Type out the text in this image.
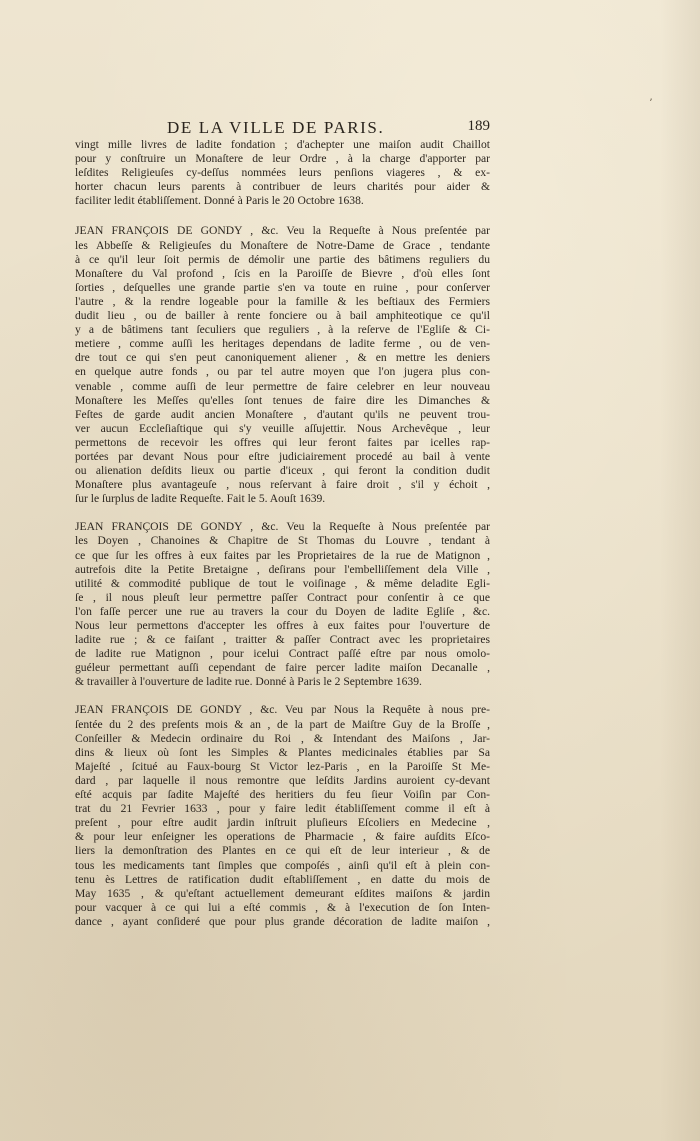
DE LA VILLE DE PARIS.	189
vingt mille livres de ladite fondation ; d'achepter une maiſon audit Chaillot
pour y conſtruire un Monaſtere de leur Ordre , à la charge d'apporter par
leſdites Religieuſes cy-deſſus nommées leurs penſions viageres , & ex-
horter chacun leurs parents à contribuer de leurs charités pour aider &
faciliter ledit établiſſement. Donné à Paris le 20 Octobre 1638.
JEAN FRANÇOIS DE GONDY , &c. Veu la Requeſte à Nous preſentée par
les Abbeſſe & Religieuſes du Monaſtere de Notre-Dame de Grace , tendante
à ce qu'il leur ſoit permis de démolir une partie des bâtimens reguliers du
Monaſtere du Val profond , ſcis en la Paroiſſe de Bievre , d'où elles ſont
ſorties , deſquelles une grande partie s'en va toute en ruine , pour conſerver
l'autre , & la rendre logeable pour la famille & les beſtiaux des Fermiers
dudit lieu , ou de bailler à rente fonciere ou à bail amphiteotique ce qu'il
y a de bâtimens tant ſeculiers que reguliers , à la reſerve de l'Egliſe & Ci-
metiere , comme auſſi les heritages dependans de ladite ferme , ou de ven-
dre tout ce qui s'en peut canoniquement aliener , & en mettre les deniers
en quelque autre fonds , ou par tel autre moyen que l'on jugera plus con-
venable , comme auſſi de leur permettre de faire celebrer en leur nouveau
Monaſtere les Meſſes qu'elles ſont tenues de faire dire les Dimanches &
Feſtes de garde audit ancien Monaſtere , d'autant qu'ils ne peuvent trou-
ver aucun Eccleſiaſtique qui s'y veuille aſſujettir. Nous Archevêque , leur
permettons de recevoir les offres qui leur feront faites par icelles rap-
portées par devant Nous pour eſtre judiciairement procedé au bail à vente
ou alienation deſdits lieux ou partie d'iceux , qui feront la condition dudit
Monaſtere plus avantageuſe , nous reſervant à faire droit , s'il y échoit ,
ſur le ſurplus de ladite Requeſte. Fait le 5. Aouſt 1639.
JEAN FRANÇOIS DE GONDY , &c. Veu la Requeſte à Nous preſentée par
les Doyen , Chanoines & Chapitre de St Thomas du Louvre , tendant à
ce que ſur les offres à eux faites par les Proprietaires de la rue de Matignon ,
autrefois dite la Petite Bretaigne , deſirans pour l'embelliſſement dela Ville ,
utilité & commodité publique de tout le voiſinage , & même deladite Egli-
ſe , il nous pleuſt leur permettre paſſer Contract pour conſentir à ce que
l'on faſſe percer une rue au travers la cour du Doyen de ladite Egliſe , &c.
Nous leur permettons d'accepter les offres à eux faites pour l'ouverture de
ladite rue ; & ce faiſant , traitter & paſſer Contract avec les proprietaires
de ladite rue Matignon , pour icelui Contract paſſé eſtre par nous omolo-
guéleur permettant auſſi cependant de faire percer ladite maiſon Decanalle ,
& travailler à l'ouverture de ladite rue. Donné à Paris le 2 Septembre 1639.
JEAN FRANÇOIS DE GONDY , &c. Veu par Nous la Requête à nous pre-
ſentée du 2 des preſents mois & an , de la part de Maiſtre Guy de la Broſſe ,
Conſeiller & Medecin ordinaire du Roi , & Intendant des Maiſons , Jar-
dins & lieux où ſont les Simples & Plantes medicinales établies par Sa
Majeſté , ſcitué au Faux-bourg St Victor lez-Paris , en la Paroiſſe St Me-
dard , par laquelle il nous remontre que leſdits Jardins auroient cy-devant
eſté acquis par ſadite Majeſté des heritiers du feu ſieur Voiſin par Con-
trat du 21 Fevrier 1633 , pour y faire ledit établiſſement comme il eſt à
preſent , pour eſtre audit jardin inſtruit pluſieurs Eſcoliers en Medecine ,
& pour leur enſeigner les operations de Pharmacie , & faire auſdits Eſco-
liers la demonſtration des Plantes en ce qui eſt de leur interieur , & de
tous les medicaments tant ſimples que compoſés , ainſi qu'il eſt à plein con-
tenu ès Lettres de ratification dudit eſtabliſſement , en datte du mois de
May 1635 , & qu'eſtant actuellement demeurant eſdites maiſons & jardin
pour vacquer à ce qui lui a eſté commis , & à l'execution de ſon Inten-
dance , ayant conſideré que pour plus grande décoration de ladite maiſon ,
ʼ
